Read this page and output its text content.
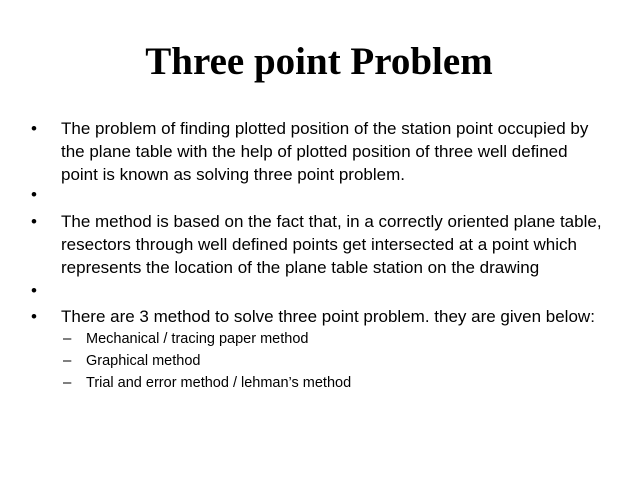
Three point Problem
•	The problem of finding plotted position of the station point occupied by the plane table with the help of plotted position of three well defined point is known as solving three point problem.
•
•	The method is based on the fact that, in a correctly oriented plane table, resectors through well defined points get intersected at a point which represents the location of the plane table station on the drawing
•
•	There are 3 method to solve three point problem. they are given below:
– Mechanical / tracing paper method
– Graphical method
– Trial and error method / lehman’s method
